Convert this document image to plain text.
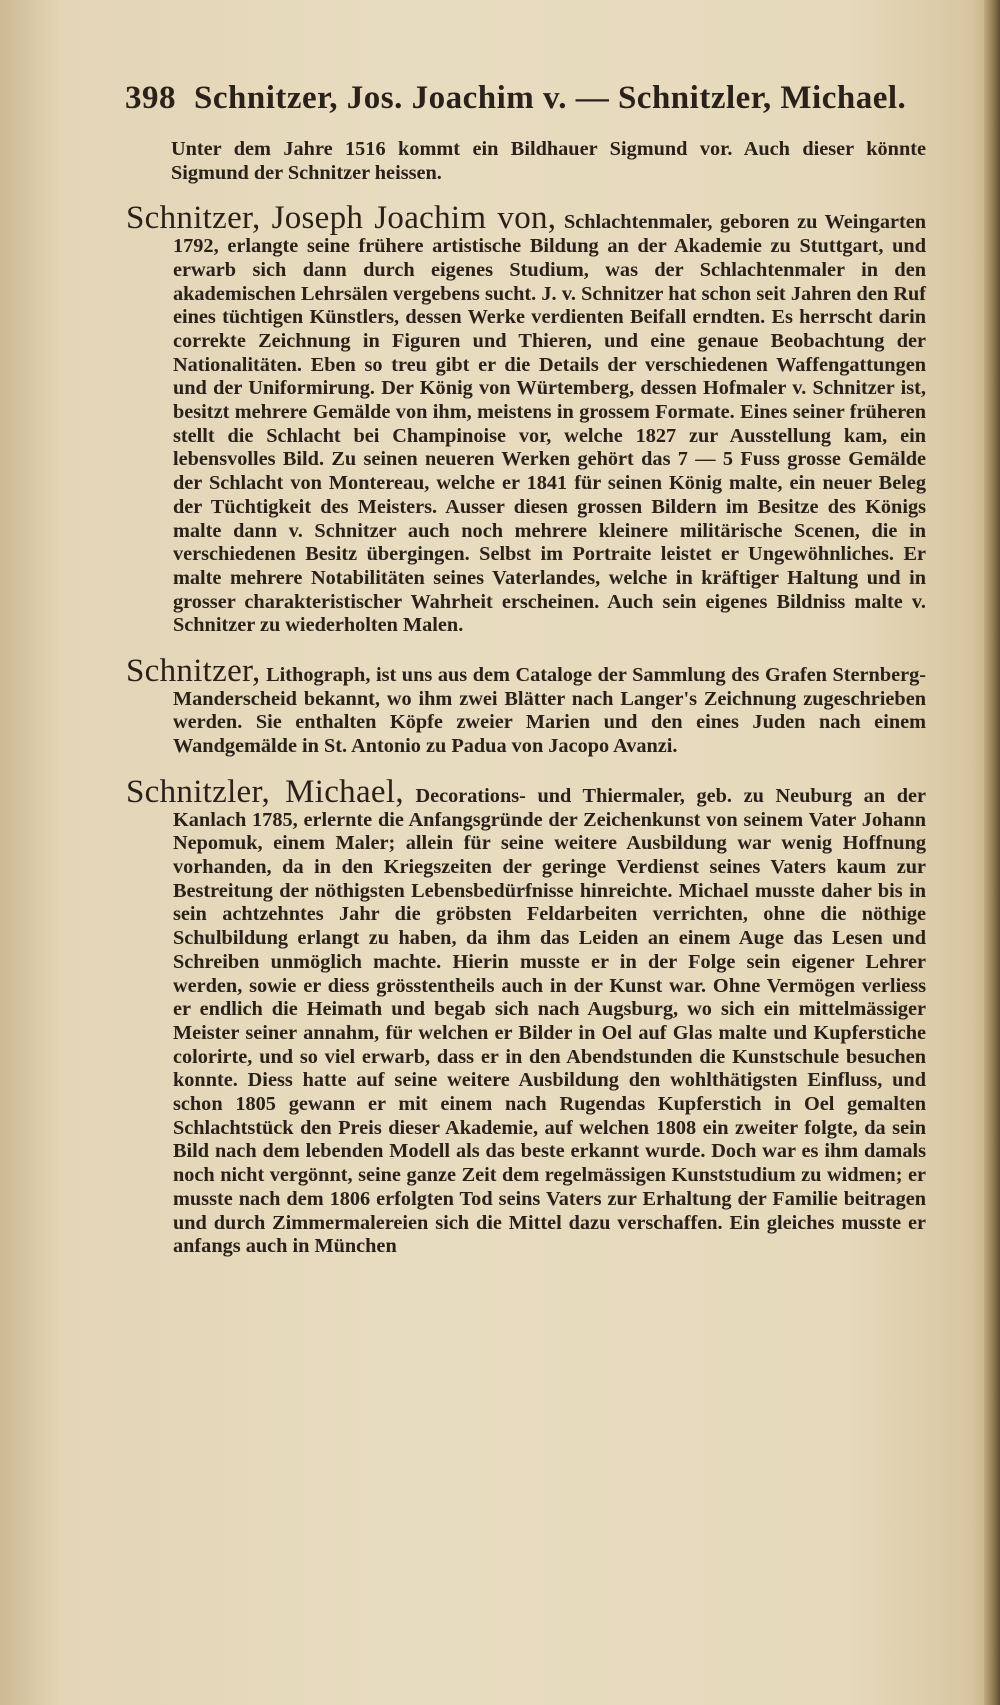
398 Schnitzer, Jos. Joachim v. — Schnitzler, Michael.

Unter dem Jahre 1516 kommt ein Bildhauer Sigmund vor. Auch dieser könnte Sigmund der Schnitzer heissen.

Schnitzer, Joseph Joachim von, Schlachtenmaler, geboren zu Weingarten 1792, erlangte seine frühere artistische Bildung an der Akademie zu Stuttgart, und erwarb sich dann durch eigenes Studium, was der Schlachtenmaler in den akademischen Lehrsälen vergebens sucht. J. v. Schnitzer hat schon seit Jahren den Ruf eines tüchtigen Künstlers, dessen Werke verdienten Beifall erndten. Es herrscht darin correkte Zeichnung in Figuren und Thieren, und eine genaue Beobachtung der Nationalitäten. Eben so treu gibt er die Details der verschiedenen Waffengattungen und der Uniformirung. Der König von Würtemberg, dessen Hofmaler v. Schnitzer ist, besitzt mehrere Gemälde von ihm, meistens in grossem Formate. Eines seiner früheren stellt die Schlacht bei Champinoise vor, welche 1827 zur Ausstellung kam, ein lebensvolles Bild. Zu seinen neueren Werken gehört das 7 — 5 Fuss grosse Gemälde der Schlacht von Montereau, welche er 1841 für seinen König malte, ein neuer Beleg der Tüchtigkeit des Meisters. Ausser diesen grossen Bildern im Besitze des Königs malte dann v. Schnitzer auch noch mehrere kleinere militärische Scenen, die in verschiedenen Besitz übergingen. Selbst im Portraite leistet er Ungewöhnliches. Er malte mehrere Notabilitäten seines Vaterlandes, welche in kräftiger Haltung und in grosser charakteristischer Wahrheit erscheinen. Auch sein eigenes Bildniss malte v. Schnitzer zu wiederholten Malen.

Schnitzer, Lithograph, ist uns aus dem Cataloge der Sammlung des Grafen Sternberg-Manderscheid bekannt, wo ihm zwei Blätter nach Langer's Zeichnung zugeschrieben werden. Sie enthalten Köpfe zweier Marien und den eines Juden nach einem Wandgemälde in St. Antonio zu Padua von Jacopo Avanzi.

Schnitzler, Michael, Decorations- und Thiermaler, geb. zu Neuburg an der Kanlach 1785, erlernte die Anfangsgründe der Zeichenkunst von seinem Vater Johann Nepomuk, einem Maler; allein für seine weitere Ausbildung war wenig Hoffnung vorhanden, da in den Kriegszeiten der geringe Verdienst seines Vaters kaum zur Bestreitung der nöthigsten Lebensbedürfnisse hinreichte. Michael musste daher bis in sein achtzehntes Jahr die gröbsten Feldarbeiten verrichten, ohne die nöthige Schulbildung erlangt zu haben, da ihm das Leiden an einem Auge das Lesen und Schreiben unmöglich machte. Hierin musste er in der Folge sein eigener Lehrer werden, sowie er diess grösstentheils auch in der Kunst war. Ohne Vermögen verliess er endlich die Heimath und begab sich nach Augsburg, wo sich ein mittelmässiger Meister seiner annahm, für welchen er Bilder in Oel auf Glas malte und Kupferstiche colorirte, und so viel erwarb, dass er in den Abendstunden die Kunstschule besuchen konnte. Diess hatte auf seine weitere Ausbildung den wohlthätigsten Einfluss, und schon 1805 gewann er mit einem nach Rugendas Kupferstich in Oel gemalten Schlachtstück den Preis dieser Akademie, auf welchen 1808 ein zweiter folgte, da sein Bild nach dem lebenden Modell als das beste erkannt wurde. Doch war es ihm damals noch nicht vergönnt, seine ganze Zeit dem regelmässigen Kunststudium zu widmen; er musste nach dem 1806 erfolgten Tod seins Vaters zur Erhaltung der Familie beitragen und durch Zimmermalereien sich die Mittel dazu verschaffen. Ein gleiches musste er anfangs auch in München
